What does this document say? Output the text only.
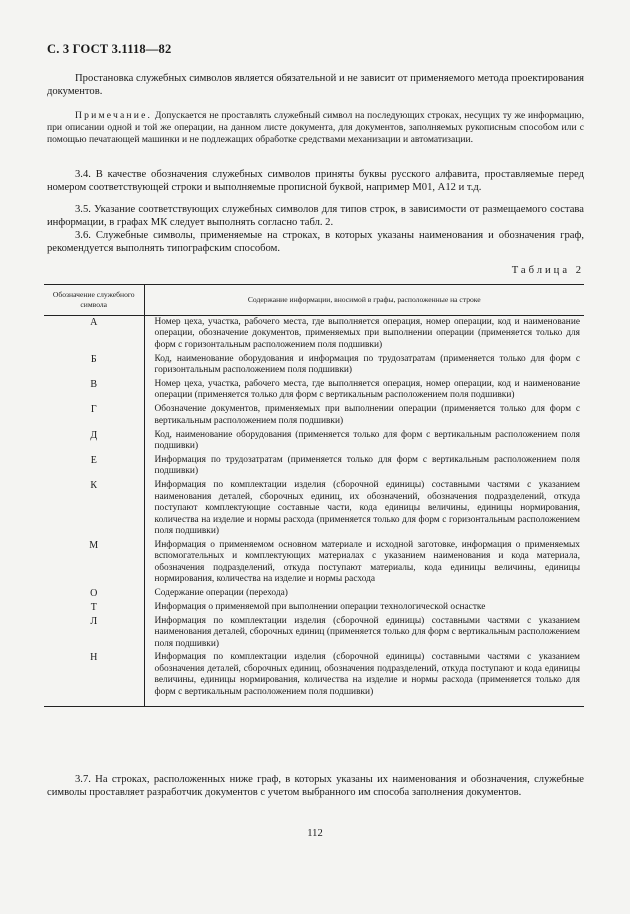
С. 3 ГОСТ 3.1118—82
Простановка служебных символов является обязательной и не зависит от применяемого метода проектирования документов.
Примечание. Допускается не проставлять служебный символ на последующих строках, несущих ту же информацию, при описании одной и той же операции, на данном листе документа, для документов, заполняемых рукописным способом или с помощью печатающей машинки и не подлежащих обработке средствами механизации и автоматизации.
3.4. В качестве обозначения служебных символов приняты буквы русского алфавита, проставляемые перед номером соответствующей строки и выполняемые прописной буквой, например М01, А12 и т.д.
3.5. Указание соответствующих служебных символов для типов строк, в зависимости от размещаемого состава информации, в графах МК следует выполнять согласно табл. 2.
3.6. Служебные символы, применяемые на строках, в которых указаны наименования и обозначения граф, рекомендуется выполнять типографским способом.
Таблица 2
Обозначение служебного символа	Содержание информации, вносимой в графы, расположенные на строке
А	Номер цеха, участка, рабочего места, где выполняется операция, номер операции, код и наименование операции, обозначение документов, применяемых при выполнении операции (применяется только для форм с горизонтальным расположением поля подшивки)
Б	Код, наименование оборудования и информация по трудозатратам (применяется только для форм с горизонтальным расположением поля подшивки)
В	Номер цеха, участка, рабочего места, где выполняется операция, номер операции, код и наименование операции (применяется только для форм с вертикальным расположением поля подшивки)
Г	Обозначение документов, применяемых при выполнении операции (применяется только для форм с вертикальным расположением поля подшивки)
Д	Код, наименование оборудования (применяется только для форм с вертикальным расположением поля подшивки)
Е	Информация по трудозатратам (применяется только для форм с вертикальным расположением поля подшивки)
К	Информация по комплектации изделия (сборочной единицы) составными частями с указанием наименования деталей, сборочных единиц, их обозначений, обозначения подразделений, откуда поступают комплектующие составные части, кода единицы величины, единицы нормирования, количества на изделие и нормы расхода (применяется только для форм с горизонтальным расположением поля подшивки)
М	Информация о применяемом основном материале и исходной заготовке, информация о применяемых вспомогательных и комплектующих материалах с указанием наименования и кода материала, обозначения подразделений, откуда поступают материалы, кода единицы величины, единицы нормирования, количества на изделие и нормы расхода
О	Содержание операции (перехода)
Т	Информация о применяемой при выполнении операции технологической оснастке
Л	Информация по комплектации изделия (сборочной единицы) составными частями с указанием наименования деталей, сборочных единиц (применяется только для форм с вертикальным расположением поля подшивки)
Н	Информация по комплектации изделия (сборочной единицы) составными частями с указанием обозначения деталей, сборочных единиц, обозначения подразделений, откуда поступают и кода единицы величины, единицы нормирования, количества на изделие и нормы расхода (применяется только для форм с вертикальным расположением поля подшивки)
3.7. На строках, расположенных ниже граф, в которых указаны их наименования и обозначения, служебные символы проставляет разработчик документов с учетом выбранного им способа заполнения документов.
112
